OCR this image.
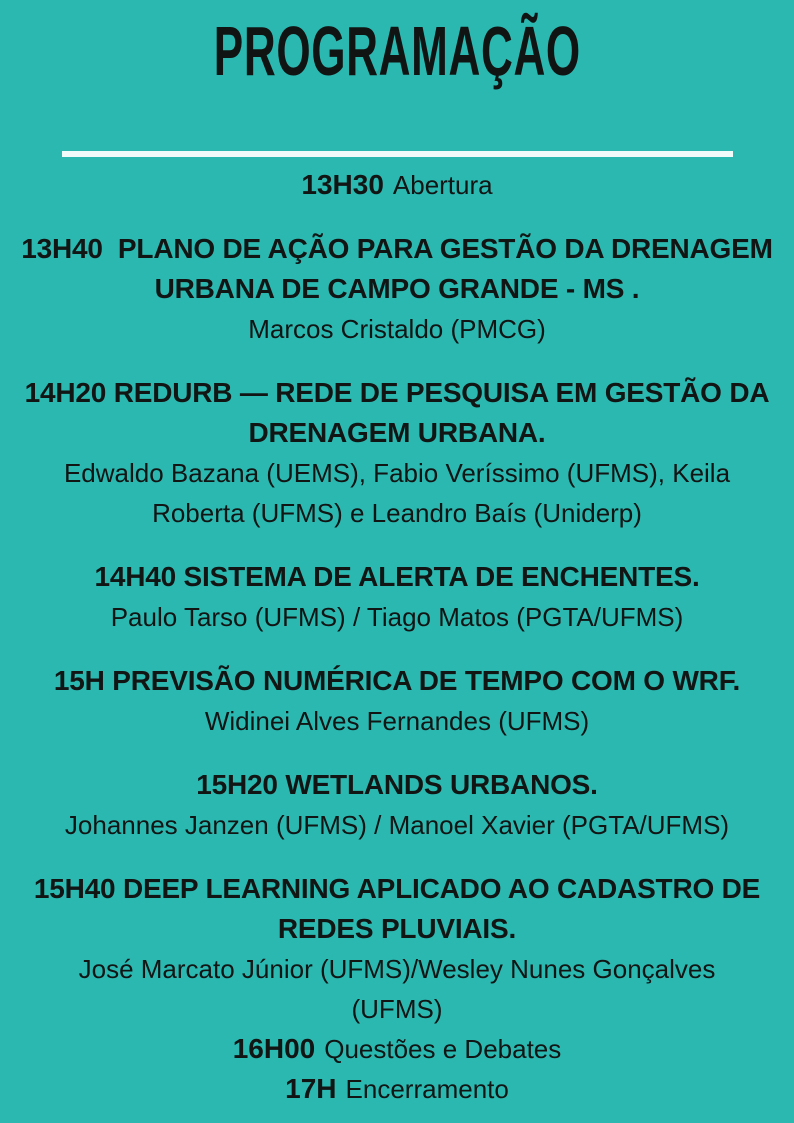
PROGRAMAÇÃO
13H30 Abertura
13H40  PLANO DE AÇÃO PARA GESTÃO DA DRENAGEM
URBANA DE CAMPO GRANDE - MS .
Marcos Cristaldo (PMCG)
14H20 REDURB — REDE DE PESQUISA EM GESTÃO DA
DRENAGEM URBANA.
Edwaldo Bazana (UEMS), Fabio Veríssimo (UFMS), Keila
Roberta (UFMS) e Leandro Baís (Uniderp)
14H40 SISTEMA DE ALERTA DE ENCHENTES.
Paulo Tarso (UFMS) / Tiago Matos (PGTA/UFMS)
15H PREVISÃO NUMÉRICA DE TEMPO COM O WRF.
Widinei Alves Fernandes (UFMS)
15H20 WETLANDS URBANOS.
Johannes Janzen (UFMS) / Manoel Xavier (PGTA/UFMS)
15H40 DEEP LEARNING APLICADO AO CADASTRO DE
REDES PLUVIAIS.
José Marcato Júnior (UFMS)/Wesley Nunes Gonçalves
(UFMS)
16H00 Questões e Debates
17H Encerramento
